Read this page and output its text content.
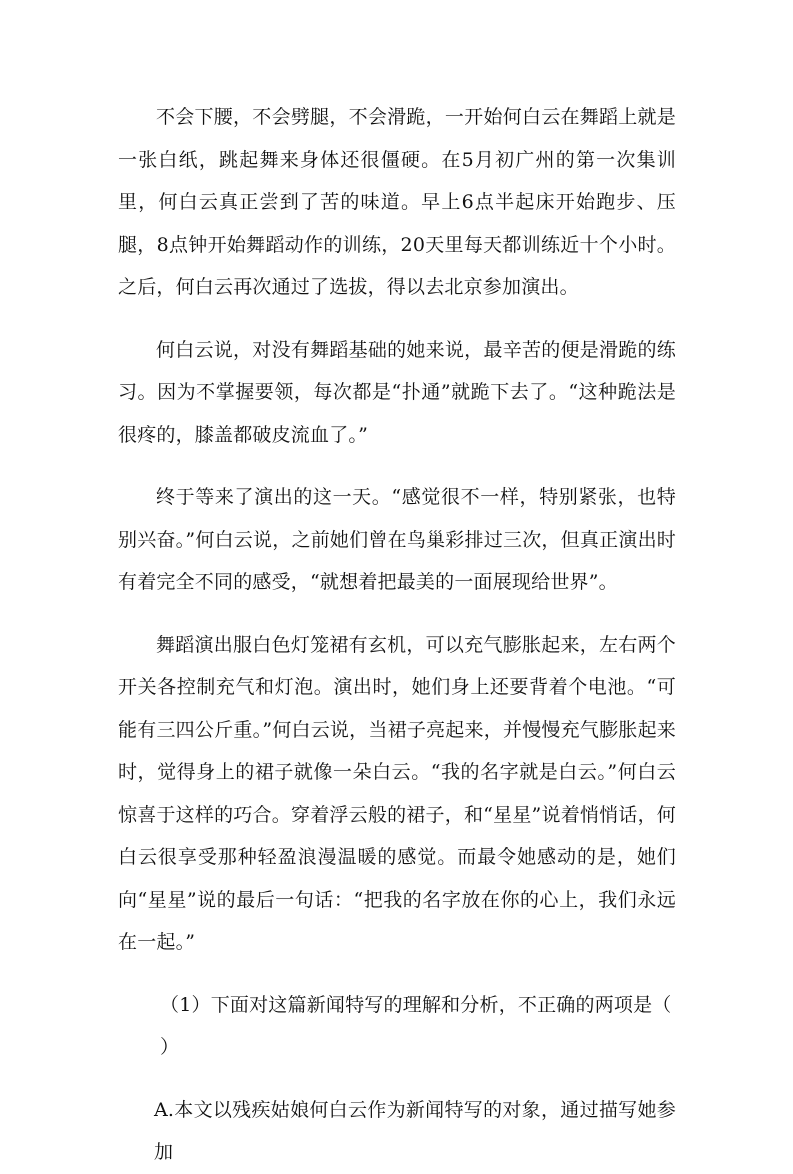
不会下腰，不会劈腿，不会滑跪，一开始何白云在舞蹈上就是一张白纸，跳起舞来身体还很僵硬。在5月初广州的第一次集训里，何白云真正尝到了苦的味道。早上6点半起床开始跑步、压腿，8点钟开始舞蹈动作的训练，20天里每天都训练近十个小时。之后，何白云再次通过了选拔，得以去北京参加演出。

何白云说，对没有舞蹈基础的她来说，最辛苦的便是滑跪的练习。因为不掌握要领，每次都是“扑通”就跪下去了。“这种跪法是很疼的，膝盖都破皮流血了。”

终于等来了演出的这一天。“感觉很不一样，特别紧张，也特别兴奋。”何白云说，之前她们曾在鸟巢彩排过三次，但真正演出时有着完全不同的感受，“就想着把最美的一面展现给世界”。

舞蹈演出服白色灯笼裙有玄机，可以充气膨胀起来，左右两个开关各控制充气和灯泡。演出时，她们身上还要背着个电池。“可能有三四公斤重。”何白云说，当裙子亮起来，并慢慢充气膨胀起来时，觉得身上的裙子就像一朵白云。“我的名字就是白云。”何白云惊喜于这样的巧合。穿着浮云般的裙子，和“星星”说着悄悄话，何白云很享受那种轻盈浪漫温暖的感觉。而最令她感动的是，她们向“星星”说的最后一句话：“把我的名字放在你的心上，我们永远在一起。”

（1）下面对这篇新闻特写的理解和分析，不正确的两项是（ ）

A.本文以残疾姑娘何白云作为新闻特写的对象，通过描写她参加
